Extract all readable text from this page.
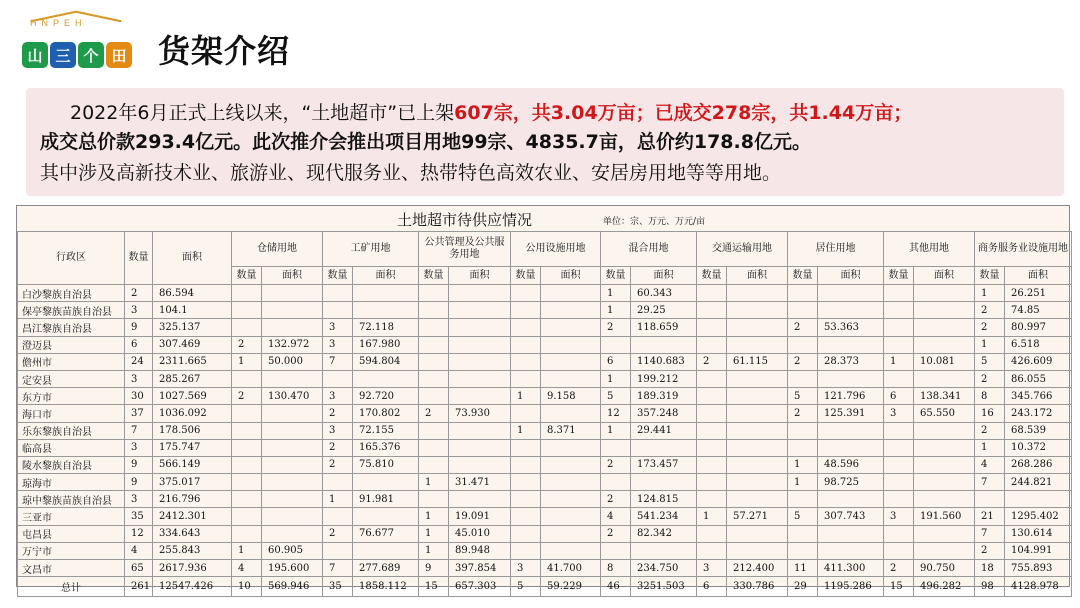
HNPEH
山 三 个 田 货架介绍

2022年6月正式上线以来，“土地超市”已上架607宗，共3.04万亩；已成交278宗，共1.44万亩；

成交总价款293.4亿元。此次推介会推出项目用地99宗、4835.7亩，总价约178.8亿元。

其中涉及高新技术业、旅游业、现代服务业、热带特色高效农业、安居房用地等等用地。

土地超市待供应情况	单位：宗、万元、万元/亩
行政区	数量	面积	仓储用地		工矿用地		公共管理及公共服务用地		公用设施用地		混合用地		交通运输用地		居住用地		其他用地		商务服务业设施用地	
			数量	面积	数量	面积	数量	面积	数量	面积	数量	面积	数量	面积	数量	面积	数量	面积	数量	面积
白沙黎族自治县	2	86.594									1	60.343							1	26.251
保亭黎族苗族自治县	3	104.1									1	29.25							2	74.85
昌江黎族自治县	9	325.137			3	72.118					2	118.659			2	53.363			2	80.997
澄迈县	6	307.469	2	132.972	3	167.980													1	6.518
儋州市	24	2311.665	1	50.000	7	594.804					6	1140.683	2	61.115	2	28.373	1	10.081	5	426.609
定安县	3	285.267									1	199.212							2	86.055
东方市	30	1027.569	2	130.470	3	92.720			1	9.158	5	189.319			5	121.796	6	138.341	8	345.766
海口市	37	1036.092			2	170.802	2	73.930			12	357.248			2	125.391	3	65.550	16	243.172
乐东黎族自治县	7	178.506			3	72.155			1	8.371	1	29.441							2	68.539
临高县	3	175.747			2	165.376													1	10.372
陵水黎族自治县	9	566.149			2	75.810					2	173.457			1	48.596			4	268.286
琼海市	9	375.017					1	31.471							1	98.725			7	244.821
琼中黎族苗族自治县	3	216.796			1	91.981					2	124.815								
三亚市	35	2412.301					1	19.091			4	541.234	1	57.271	5	307.743	3	191.560	21	1295.402
屯昌县	12	334.643			2	76.677	1	45.010			2	82.342							7	130.614
万宁市	4	255.843	1	60.905			1	89.948											2	104.991
文昌市	65	2617.936	4	195.600	7	277.689	9	397.854	3	41.700	8	234.750	3	212.400	11	411.300	2	90.750	18	755.893
总计	261	12547.426	10	569.946	35	1858.112	15	657.303	5	59.229	46	3251.503	6	330.786	29	1195.286	15	496.282	98	4128.978
